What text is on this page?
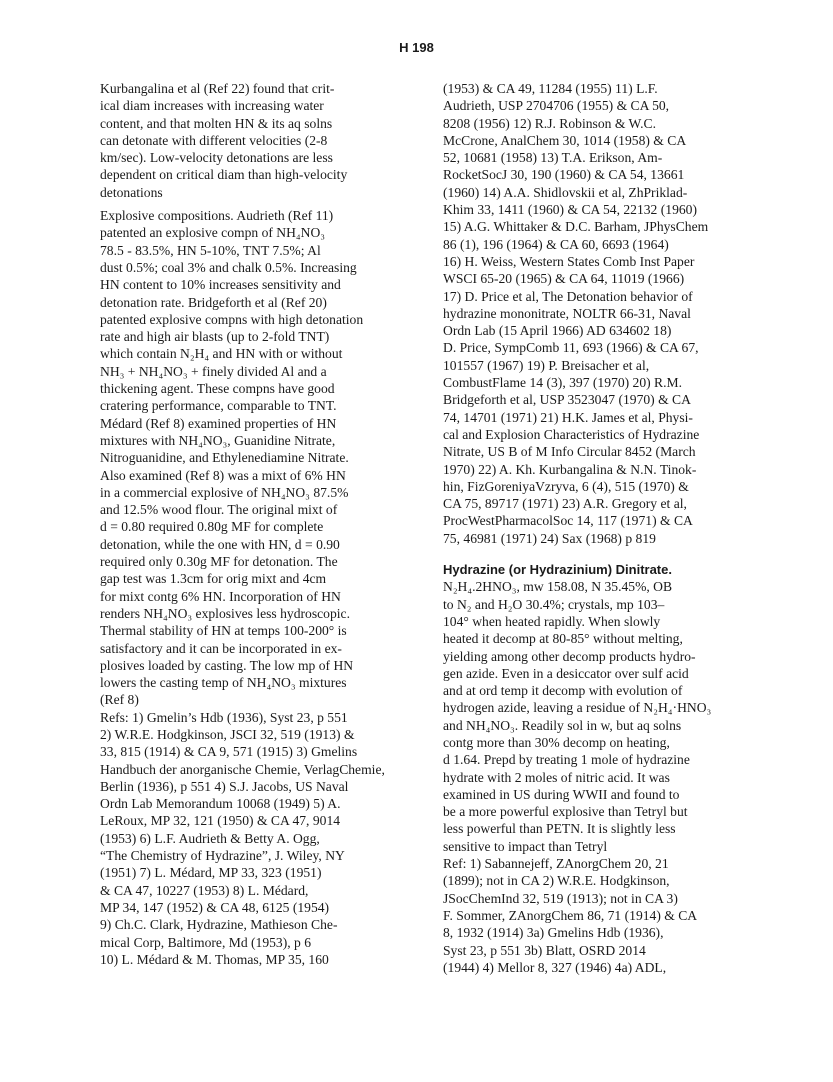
H 198
Kurbangalina et al (Ref 22) found that crit-
ical diam increases with increasing water
content, and that molten HN & its aq solns
can detonate with different velocities (2-8
km/sec). Low-velocity detonations are less
dependent on critical diam than high-velocity
detonations
Explosive compositions. Audrieth (Ref 11)
patented an explosive compn of NH₄NO₃
78.5 - 83.5%, HN 5-10%, TNT 7.5%; Al
dust 0.5%; coal 3% and chalk 0.5%. Increasing
HN content to 10% increases sensitivity and
detonation rate. Bridgeforth et al (Ref 20)
patented explosive compns with high detonation
rate and high air blasts (up to 2-fold TNT)
which contain N₂H₄ and HN with or without
NH₃ + NH₄NO₃ + finely divided Al and a
thickening agent. These compns have good
cratering performance, comparable to TNT.
Médard (Ref 8) examined properties of HN
mixtures with NH₄NO₃, Guanidine Nitrate,
Nitroguanidine, and Ethylenediamine Nitrate.
Also examined (Ref 8) was a mixt of 6% HN
in a commercial explosive of NH₄NO₃ 87.5%
and 12.5% wood flour. The original mixt of
d = 0.80 required 0.80g MF for complete
detonation, while the one with HN, d = 0.90
required only 0.30g MF for detonation. The
gap test was 1.3cm for orig mixt and 4cm
for mixt contg 6% HN. Incorporation of HN
renders NH₄NO₃ explosives less hydroscopic.
Thermal stability of HN at temps 100-200° is
satisfactory and it can be incorporated in ex-
plosives loaded by casting. The low mp of HN
lowers the casting temp of NH₄NO₃ mixtures
(Ref 8)
Refs: 1) Gmelin’s Hdb (1936), Syst 23, p 551
2) W.R.E. Hodgkinson, JSCI 32, 519 (1913) &
33, 815 (1914) & CA 9, 571 (1915) 3) Gmelins
Handbuch der anorganische Chemie, VerlagChemie,
Berlin (1936), p 551 4) S.J. Jacobs, US Naval
Ordn Lab Memorandum 10068 (1949) 5) A.
LeRoux, MP 32, 121 (1950) & CA 47, 9014
(1953) 6) L.F. Audrieth & Betty A. Ogg,
“The Chemistry of Hydrazine”, J. Wiley, NY
(1951) 7) L. Médard, MP 33, 323 (1951)
& CA 47, 10227 (1953) 8) L. Médard,
MP 34, 147 (1952) & CA 48, 6125 (1954)
9) Ch.C. Clark, Hydrazine, Mathieson Che-
mical Corp, Baltimore, Md (1953), p 6
10) L. Médard & M. Thomas, MP 35, 160
(1953) & CA 49, 11284 (1955) 11) L.F.
Audrieth, USP 2704706 (1955) & CA 50,
8208 (1956) 12) R.J. Robinson & W.C.
McCrone, AnalChem 30, 1014 (1958) & CA
52, 10681 (1958) 13) T.A. Erikson, Am-
RocketSocJ 30, 190 (1960) & CA 54, 13661
(1960) 14) A.A. Shidlovskii et al, ZhPriklad-
Khim 33, 1411 (1960) & CA 54, 22132 (1960)
15) A.G. Whittaker & D.C. Barham, JPhysChem
86 (1), 196 (1964) & CA 60, 6693 (1964)
16) H. Weiss, Western States Comb Inst Paper
WSCI 65-20 (1965) & CA 64, 11019 (1966)
17) D. Price et al, The Detonation behavior of
hydrazine mononitrate, NOLTR 66-31, Naval
Ordn Lab (15 April 1966) AD 634602 18)
D. Price, SympComb 11, 693 (1966) & CA 67,
101557 (1967) 19) P. Breisacher et al,
CombustFlame 14 (3), 397 (1970) 20) R.M.
Bridgeforth et al, USP 3523047 (1970) & CA
74, 14701 (1971) 21) H.K. James et al, Physi-
cal and Explosion Characteristics of Hydrazine
Nitrate, US B of M Info Circular 8452 (March
1970) 22) A. Kh. Kurbangalina & N.N. Tinok-
hin, FizGoreniyaVzryva, 6 (4), 515 (1970) &
CA 75, 89717 (1971) 23) A.R. Gregory et al,
ProcWestPharmacolSoc 14, 117 (1971) & CA
75, 46981 (1971) 24) Sax (1968) p 819
Hydrazine (or Hydrazinium) Dinitrate.
N₂H₄.2HNO₃, mw 158.08, N 35.45%, OB
to N₂ and H₂O 30.4%; crystals, mp 103–
104° when heated rapidly. When slowly
heated it decomp at 80-85° without melting,
yielding among other decomp products hydro-
gen azide. Even in a desiccator over sulf acid
and at ord temp it decomp with evolution of
hydrogen azide, leaving a residue of N₂H₄·HNO₃
and NH₄NO₃. Readily sol in w, but aq solns
contg more than 30% decomp on heating,
d 1.64. Prepd by treating 1 mole of hydrazine
hydrate with 2 moles of nitric acid. It was
examined in US during WWII and found to
be a more powerful explosive than Tetryl but
less powerful than PETN. It is slightly less
sensitive to impact than Tetryl
Ref: 1) Sabannejeff, ZAnorgChem 20, 21
(1899); not in CA 2) W.R.E. Hodgkinson,
JSocChemInd 32, 519 (1913); not in CA 3)
F. Sommer, ZAnorgChem 86, 71 (1914) & CA
8, 1932 (1914) 3a) Gmelins Hdb (1936),
Syst 23, p 551 3b) Blatt, OSRD 2014
(1944) 4) Mellor 8, 327 (1946) 4a) ADL,
